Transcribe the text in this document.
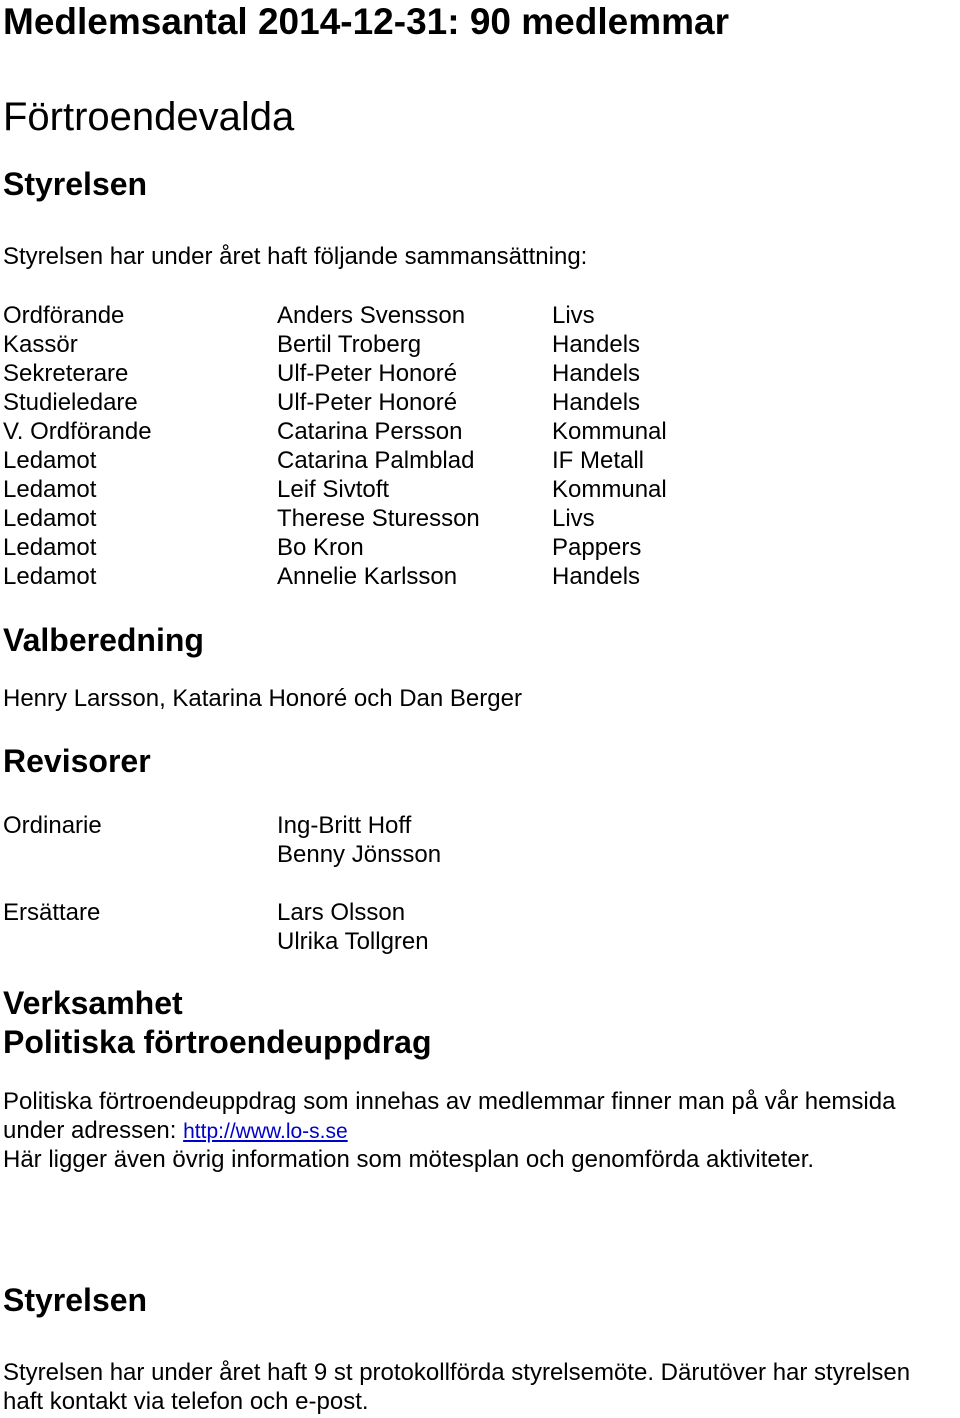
Medlemsantal 2014-12-31: 90 medlemmar
Förtroendevalda
Styrelsen

Styrelsen har under året haft följande sammansättning:

Ordförande	Anders Svensson	Livs
Kassör	Bertil Troberg	Handels
Sekreterare	Ulf-Peter Honoré	Handels
Studieledare	Ulf-Peter Honoré	Handels
V. Ordförande	Catarina Persson	Kommunal
Ledamot	Catarina Palmblad	IF Metall
Ledamot	Leif Sivtoft	Kommunal
Ledamot	Therese Sturesson	Livs
Ledamot	Bo Kron	Pappers
Ledamot	Annelie Karlsson	Handels
Valberedning

Henry Larsson, Katarina Honoré och Dan Berger

Revisorer
Ordinarie	Ing-Britt Hoff
Benny Jönsson
Ersättare	Lars Olsson
Ulrika Tollgren
Verksamhet
Politiska förtroendeuppdrag

Politiska förtroendeuppdrag som innehas av medlemmar finner man på vår hemsida

under adressen: http://www.lo-s.se

Här ligger även övrig information som mötesplan och genomförda aktiviteter.

Styrelsen

Styrelsen har under året haft 9 st protokollförda styrelsemöte. Därutöver har styrelsen

haft kontakt via telefon och e-post.
